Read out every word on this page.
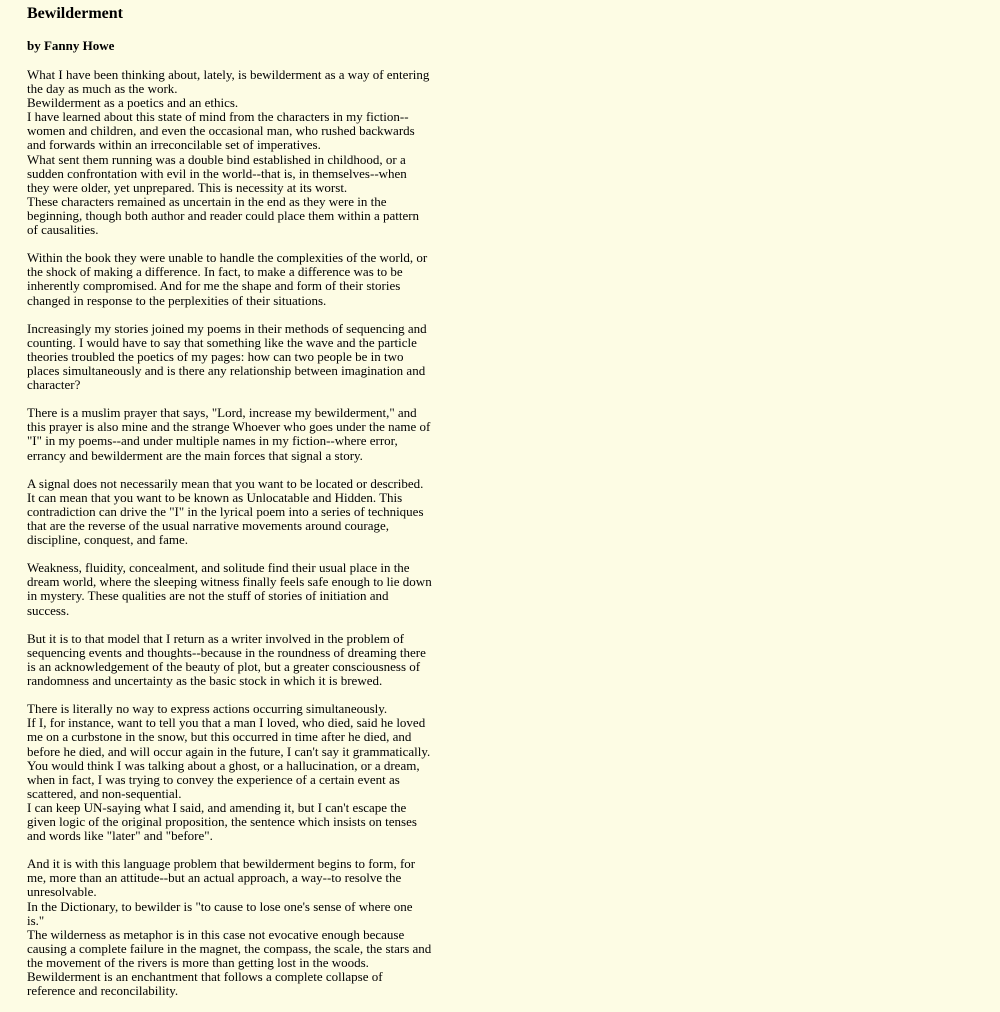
Bewilderment
by Fanny Howe
What I have been thinking about, lately, is bewilderment as a way of entering
the day as much as the work.
Bewilderment as a poetics and an ethics.
I have learned about this state of mind from the characters in my fiction--
women and children, and even the occasional man, who rushed backwards
and forwards within an irreconcilable set of imperatives.
What sent them running was a double bind established in childhood, or a
sudden confrontation with evil in the world--that is, in themselves--when
they were older, yet unprepared. This is necessity at its worst.
These characters remained as uncertain in the end as they were in the
beginning, though both author and reader could place them within a pattern
of causalities.
Within the book they were unable to handle the complexities of the world, or
the shock of making a difference. In fact, to make a difference was to be
inherently compromised. And for me the shape and form of their stories
changed in response to the perplexities of their situations.
Increasingly my stories joined my poems in their methods of sequencing and
counting. I would have to say that something like the wave and the particle
theories troubled the poetics of my pages: how can two people be in two
places simultaneously and is there any relationship between imagination and
character?
There is a muslim prayer that says, "Lord, increase my bewilderment," and
this prayer is also mine and the strange Whoever who goes under the name of
"I" in my poems--and under multiple names in my fiction--where error,
errancy and bewilderment are the main forces that signal a story.
A signal does not necessarily mean that you want to be located or described.
It can mean that you want to be known as Unlocatable and Hidden. This
contradiction can drive the "I" in the lyrical poem into a series of techniques
that are the reverse of the usual narrative movements around courage,
discipline, conquest, and fame.
Weakness, fluidity, concealment, and solitude find their usual place in the
dream world, where the sleeping witness finally feels safe enough to lie down
in mystery. These qualities are not the stuff of stories of initiation and
success.
But it is to that model that I return as a writer involved in the problem of
sequencing events and thoughts--because in the roundness of dreaming there
is an acknowledgement of the beauty of plot, but a greater consciousness of
randomness and uncertainty as the basic stock in which it is brewed.
There is literally no way to express actions occurring simultaneously.
If I, for instance, want to tell you that a man I loved, who died, said he loved
me on a curbstone in the snow, but this occurred in time after he died, and
before he died, and will occur again in the future, I can't say it grammatically.
You would think I was talking about a ghost, or a hallucination, or a dream,
when in fact, I was trying to convey the experience of a certain event as
scattered, and non-sequential.
I can keep UN-saying what I said, and amending it, but I can't escape the
given logic of the original proposition, the sentence which insists on tenses
and words like "later" and "before".
And it is with this language problem that bewilderment begins to form, for
me, more than an attitude--but an actual approach, a way--to resolve the
unresolvable.
In the Dictionary, to bewilder is "to cause to lose one's sense of where one
is."
The wilderness as metaphor is in this case not evocative enough because
causing a complete failure in the magnet, the compass, the scale, the stars and
the movement of the rivers is more than getting lost in the woods.
Bewilderment is an enchantment that follows a complete collapse of
reference and reconcilability.
